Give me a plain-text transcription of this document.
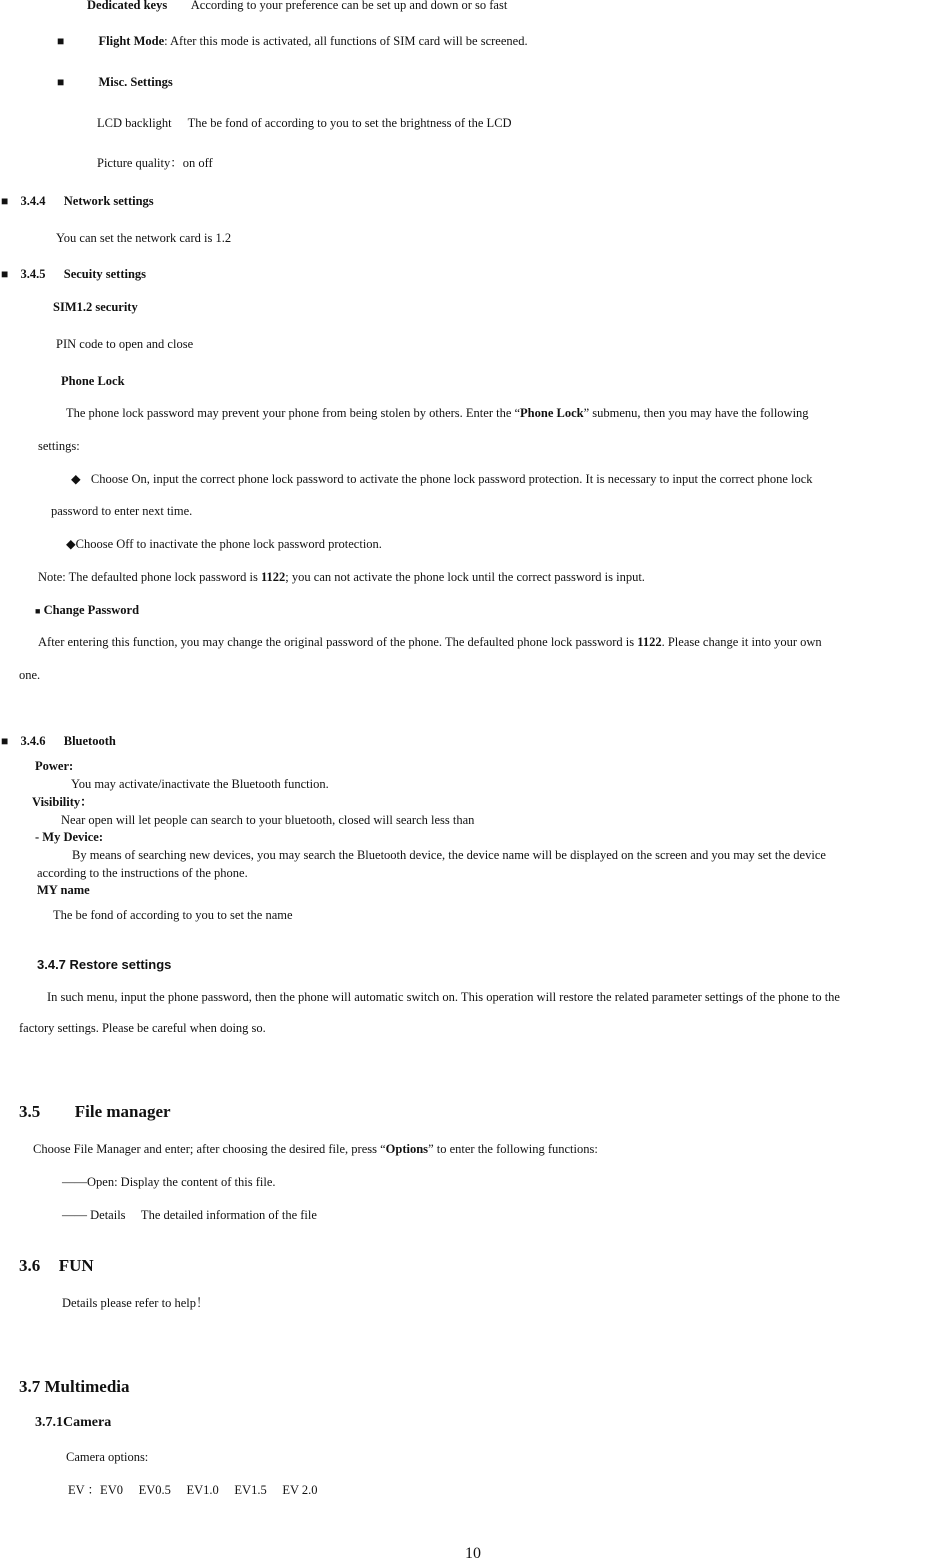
Dedicated keys According to your preference can be set up and down or so fast
■	Flight Mode: After this mode is activated, all functions of SIM card will be screened.
■	Misc. Settings
LCD backlight The be fond of according to you to set the brightness of the LCD
Picture quality：on off
■ 3.4.4 Network settings
You can set the network card is 1.2
■ 3.4.5 Secuity settings
SIM1.2 security
PIN code to open and close
Phone Lock
The phone lock password may prevent your phone from being stolen by others. Enter the “Phone Lock” submenu, then you may have the following
settings:
◆ Choose On, input the correct phone lock password to activate the phone lock password protection. It is necessary to input the correct phone lock
password to enter next time.
◆Choose Off to inactivate the phone lock password protection.
Note: The defaulted phone lock password is 1122; you can not activate the phone lock until the correct password is input.
■ Change Password
After entering this function, you may change the original password of the phone. The defaulted phone lock password is 1122. Please change it into your own
one.
■ 3.4.6 Bluetooth
Power:
You may activate/inactivate the Bluetooth function.
Visibility：
Near open will let people can search to your bluetooth, closed will search less than
- My Device:
By means of searching new devices, you may search the Bluetooth device, the device name will be displayed on the screen and you may set the device
according to the instructions of the phone.
MY name
The be fond of according to you to set the name
3.4.7 Restore settings
In such menu, input the phone password, then the phone will automatic switch on. This operation will restore the related parameter settings of the phone to the
factory settings. Please be careful when doing so.
3.5 File manager
Choose File Manager and enter; after choosing the desired file, press “Options” to enter the following functions:
——Open: Display the content of this file.
—— Details　 The detailed information of the file
3.6 FUN
Details please refer to help！
3.7 Multimedia
3.7.1Camera
Camera options:
EV ：EV0　 EV0.5　 EV1.0　 EV1.5　 EV 2.0
10
